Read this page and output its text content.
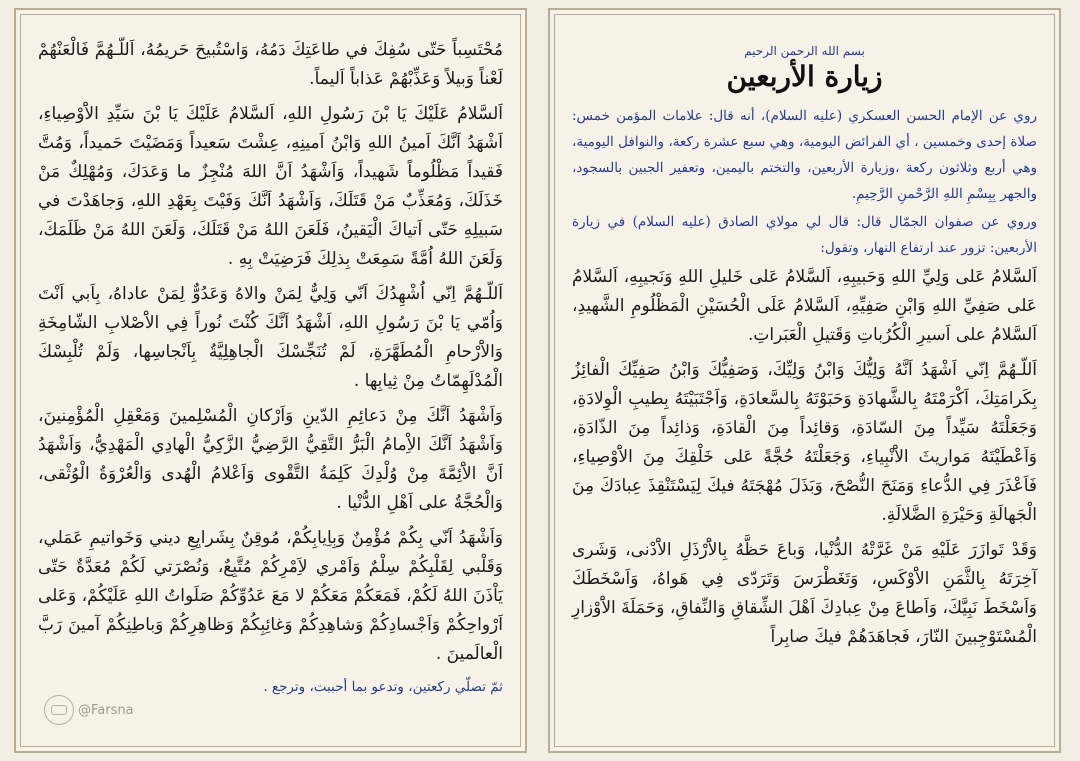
بسم الله الرحمن الرحيم
زيارة الأربعين

روي عن الإمام الحسن العسكري (عليه السلام)، أنه قال: علامات المؤمن خمس: صلاة إحدى وخمسين ، أي الفرائض اليومية، وهي سبع عشرة ركعة، والنوافل اليومية، وهي أربع وثلاثون ركعة ،وزيارة الأربعين، والتختم باليمين، وتعفير الجبين بالسجود، والجهر بِبِسْمِ اللهِ الرَّحْمنِ الرَّحِيمِ.

وروي عن صفوان الجمّال قال: قال لي مولاي الصادق (عليه السلام) في زيارة الأربعين: تزور عند ارتفاع النهار، وتقول:

اَلسَّلامُ عَلى وَلِيِّ اللهِ وَحَبيبِهِ، اَلسَّلامُ عَلى خَليلِ اللهِ وَنَجيبِهِ، اَلسَّلامُ عَلى صَفِيِّ اللهِ وَابْنِ صَفِيِّهِ، اَلسَّلامُ عَلَى الْحُسَيْنِ الْمَظْلُومِ الشَّهيدِ، اَلسَّلامُ على اَسيرِ الْكُرُباتِ وَقَتيلِ الْعَبَراتِ.

اَللّـهُمَّ اِنّي اَشْهَدُ اَنَّهُ وَلِيُّكَ وَابْنُ وَلِيِّكَ، وَصَفِيُّكَ وَابْنُ صَفِيِّكَ الْفائِزُ بِكَرامَتِكَ، اَكْرَمْتَهُ بِالشَّهادَةِ وَحَبَوْتَهُ بِالسَّعادَةِ، وَاَجْتَبَيْتَهُ بِطيبِ الْوِلادَةِ، وَجَعَلْتَهُ سَيِّداً مِنَ السّادَةِ، وَقائِداً مِنَ الْقادَةِ، وَذائِداً مِنَ الذّادَةِ، وَاَعْطَيْتَهُ مَواريثَ الاَْنْبِياءِ، وَجَعَلْتَهُ حُجَّةً عَلى خَلْقِكَ مِنَ الاَْوْصِياءِ، فَاَعْذَرَ فِي الدُّعاءِ وَمَنَحَ النُّصْحَ، وَبَذَلَ مُهْجَتَهُ فيكَ لِيَسْتَنْقِذَ عِبادَكَ مِنَ الْجَهالَةِ وَحَيْرَةِ الضَّلالَةِ.

وَقَدْ تَوازَرَ عَلَيْهِ مَنْ غَرَّتْهُ الدُّنْيا، وَباعَ حَظَّهُ بِالاَْرْذَلِ الاَْدْنى، وَشَرى آخِرَتَهُ بِالثَّمَنِ الاَْوْكَسِ، وَتَغَطْرَسَ وَتَرَدّى فِي هَواهُ، وَاَسْخَطَكَ وَاَسْخَطَ نَبِيَّكَ، وَاَطاعَ مِنْ عِبادِكَ اَهْلَ الشِّقاقِ وَالنِّفاقِ، وَحَمَلَةَ الاَْوْزارِ الْمُسْتَوْجِبينَ النّارَ، فَجاهَدَهُمْ فيكَ صابِراً

مُحْتَسِباً حَتّى سُفِكَ في طاعَتِكَ دَمُهُ، وَاسْتُبيحَ حَريمُهُ، اَللّـهُمَّ فَالْعَنْهُمْ لَعْناً وَبيلاً وَعَذِّبْهُمْ عَذاباً اَليماً.

اَلسَّلامُ عَلَيْكَ يَا بْنَ رَسُولِ اللهِ، اَلسَّلامُ عَلَيْكَ يَا بْنَ سَيِّدِ الاَْوْصِياءِ، اَشْهَدُ اَنَّكَ اَمينُ اللهِ وَابْنُ اَمينِهِ، عِشْتَ سَعيداً وَمَضَيْتَ حَميداً، وَمُتَّ فَقيداً مَظْلُوماً شَهيداً، وَاَشْهَدُ اَنَّ اللهَ مُنْجِزٌ ما وَعَدَكَ، وَمُهْلِكٌ مَنْ خَذَلَكَ، وَمُعَذِّبٌ مَنْ قَتَلَكَ، وَاَشْهَدُ اَنَّكَ وَفَيْتَ بِعَهْدِ اللهِ، وَجاهَدْتَ في سَبيلِهِ حَتّى اَتياكَ الْيَقينُ، فَلَعَنَ اللهُ مَنْ قَتَلَكَ، وَلَعَنَ اللهُ مَنْ ظَلَمَكَ، وَلَعَنَ اللهُ اُمَّةً سَمِعَتْ بِذلِكَ فَرَضِيَتْ بِهِ .

اَللّـهُمَّ اِنّي اُشْهِدُكَ اَنّي وَلِيٌّ لِمَنْ والاهُ وَعَدُوٌّ لِمَنْ عاداهُ، بِاَبي اَنْتَ وَاُمّي يَا بْنَ رَسُولِ اللهِ، اَشْهَدُ اَنَّكَ كُنْتَ نُوراً فِي الاَْصْلابِ الشّامِخَةِ وَالاَْرْحامِ الْمُطَهَّرَةِ، لَمْ تُنَجِّسْكَ الْجاهِلِيَّةُ بِاَنْجاسِها، وَلَمْ تُلْبِسْكَ الْمُدْلَهِمّاتُ مِنْ ثِيابِها .

وَاَشْهَدُ اَنَّكَ مِنْ دَعائِمِ الدّينِ وَاَرْكانِ الْمُسْلِمينَ وَمَعْقِلِ الْمُؤْمِنينَ، وَاَشْهَدُ اَنَّكَ الاِْمامُ الْبَرُّ التَّقِيُّ الرَّضِيُّ الزَّكِيُّ الْهادِي الْمَهْدِيُّ، وَاَشْهَدُ اَنَّ الاَْئِمَّةَ مِنْ وُلْدِكَ كَلِمَةُ التَّقْوى وَاَعْلامُ الْهُدى وَالْعُرْوَةُ الْوُثْقى، وَالْحُجَّةُ على اَهْلِ الدُّنْيا .

وَاَشْهَدُ اَنّي بِكُمْ مُؤْمِنٌ وَبِاِيابِكُمْ، مُوقِنٌ بِشَرايِعِ ديني وَخَواتيمِ عَمَلي، وَقَلْبي لِقَلْبِكُمْ سِلْمٌ وَاَمْري لاَِمْرِكُمْ مُتَّبِعٌ، وَنُصْرَتي لَكُمْ مُعَدَّةٌ حَتّى يَاْذَنَ اللهُ لَكُمْ، فَمَعَكُمْ مَعَكُمْ لا مَعَ عَدُوِّكُمْ صَلَواتُ اللهِ عَلَيْكُمْ، وَعَلى اَرْواحِكُمْ وَاَجْسادِكُمْ وَشاهِدِكُمْ وَغائِبِكُمْ وَظاهِرِكُمْ وَباطِنِكُمْ آمينَ رَبَّ الْعالَمينَ .

ثمّ تصلّي ركعتين، وتدعو بما أحببت، وترجع .
@Farsna
